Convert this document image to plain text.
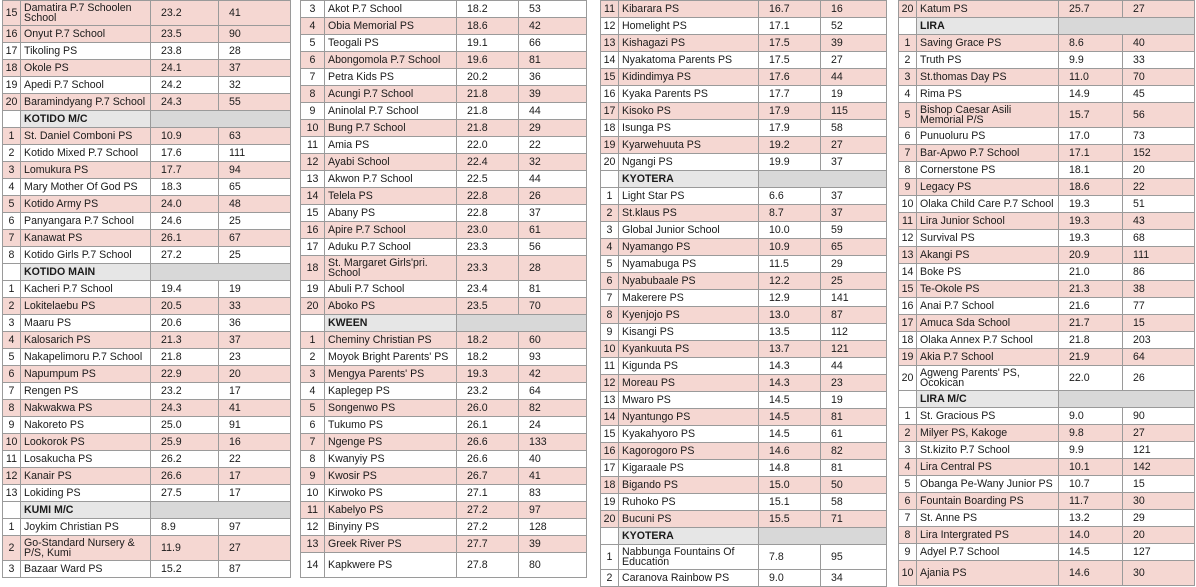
15	Damatira P.7 Schoolen School	23.2	41
16	Onyut P.7 School	23.5	90
17	Tikoling PS	23.8	28
18	Okole PS	24.1	37
19	Apedi P.7 School	24.2	32
20	Baramindyang P.7 School	24.3	55
	KOTIDO M/C		
1	St. Daniel Comboni PS	10.9	63
2	Kotido Mixed P.7 School	17.6	111
3	Lomukura PS	17.7	94
4	Mary Mother Of God PS	18.3	65
5	Kotido Army PS	24.0	48
6	Panyangara P.7 School	24.6	25
7	Kanawat PS	26.1	67
8	Kotido Girls P.7 School	27.2	25
	KOTIDO MAIN		
1	Kacheri P.7 School	19.4	19
2	Lokitelaebu PS	20.5	33
3	Maaru PS	20.6	36
4	Kalosarich PS	21.3	37
5	Nakapelimoru P.7 School	21.8	23
6	Napumpum PS	22.9	20
7	Rengen PS	23.2	17
8	Nakwakwa PS	24.3	41
9	Nakoreto PS	25.0	91
10	Lookorok PS	25.9	16
11	Losakucha PS	26.2	22
12	Kanair PS	26.6	17
13	Lokiding PS	27.5	17
	KUMI M/C		
1	Joykim Christian PS	8.9	97
2	Go-Standard Nursery & P/S, Kumi	11.9	27
3	Bazaar Ward PS	15.2	87
3	Akot P.7 School	18.2	53
4	Obia Memorial PS	18.6	42
5	Teogali PS	19.1	66
6	Abongomola P.7 School	19.6	81
7	Petra Kids PS	20.2	36
8	Acungi P.7 School	21.8	39
9	Aninolal P.7 School	21.8	44
10	Bung P.7 School	21.8	29
11	Amia PS	22.0	22
12	Ayabi School	22.4	32
13	Akwon P.7 School	22.5	44
14	Telela PS	22.8	26
15	Abany PS	22.8	37
16	Apire P.7 School	23.0	61
17	Aduku P.7 School	23.3	56
18	St. Margaret Girls'pri. School	23.3	28
19	Abuli P.7 School	23.4	81
20	Aboko PS	23.5	70
	KWEEN		
1	Cheminy Christian PS	18.2	60
2	Moyok Bright Parents' PS	18.2	93
3	Mengya Parents' PS	19.3	42
4	Kaplegep PS	23.2	64
5	Songenwo PS	26.0	82
6	Tukumo PS	26.1	24
7	Ngenge PS	26.6	133
8	Kwanyiy PS	26.6	40
9	Kwosir PS	26.7	41
10	Kirwoko PS	27.1	83
11	Kabelyo PS	27.2	97
12	Binyiny PS	27.2	128
13	Greek River PS	27.7	39
14	Kapkwere PS	27.8	80
11	Kibarara PS	16.7	16
12	Homelight PS	17.1	52
13	Kishagazi PS	17.5	39
14	Nyakatoma Parents PS	17.5	27
15	Kidindimya PS	17.6	44
16	Kyaka Parents PS	17.7	19
17	Kisoko PS	17.9	115
18	Isunga PS	17.9	58
19	Kyarwehuuta PS	19.2	27
20	Ngangi PS	19.9	37
	KYOTERA		
1	Light Star PS	6.6	37
2	St.klaus PS	8.7	37
3	Global Junior School	10.0	59
4	Nyamango PS	10.9	65
5	Nyamabuga PS	11.5	29
6	Nyabubaale PS	12.2	25
7	Makerere PS	12.9	141
8	Kyenjojo PS	13.0	87
9	Kisangi PS	13.5	112
10	Kyankuuta PS	13.7	121
11	Kigunda PS	14.3	44
12	Moreau PS	14.3	23
13	Mwaro PS	14.5	19
14	Nyantungo PS	14.5	81
15	Kyakahyoro PS	14.5	61
16	Kagorogoro PS	14.6	82
17	Kigaraale PS	14.8	81
18	Bigando PS	15.0	50
19	Ruhoko PS	15.1	58
20	Bucuni PS	15.5	71
	KYOTERA		
1	Nabbunga Fountains Of Education	7.8	95
2	Caranova Rainbow PS	9.0	34
20	Katum PS	25.7	27
	LIRA		
1	Saving Grace PS	8.6	40
2	Truth PS	9.9	33
3	St.thomas Day PS	11.0	70
4	Rima PS	14.9	45
5	Bishop Caesar Asili Memorial P/S	15.7	56
6	Punuoluru PS	17.0	73
7	Bar-Apwo P.7 School	17.1	152
8	Cornerstone PS	18.1	20
9	Legacy PS	18.6	22
10	Olaka Child Care P.7 School	19.3	51
11	Lira Junior School	19.3	43
12	Survival PS	19.3	68
13	Akangi PS	20.9	111
14	Boke PS	21.0	86
15	Te-Okole PS	21.3	38
16	Anai P.7 School	21.6	77
17	Amuca Sda School	21.7	15
18	Olaka Annex P.7 School	21.8	203
19	Akia P.7 School	21.9	64
20	Agweng Parents' PS, Ocokican	22.0	26
	LIRA M/C		
1	St. Gracious PS	9.0	90
2	Milyer PS, Kakoge	9.8	27
3	St.kizito P.7 School	9.9	121
4	Lira Central PS	10.1	142
5	Obanga Pe-Wany Junior PS	10.7	15
6	Fountain Boarding PS	11.7	30
7	St. Anne PS	13.2	29
8	Lira Intergrated PS	14.0	20
9	Adyel P.7 School	14.5	127
10	Ajania PS	14.6	30
